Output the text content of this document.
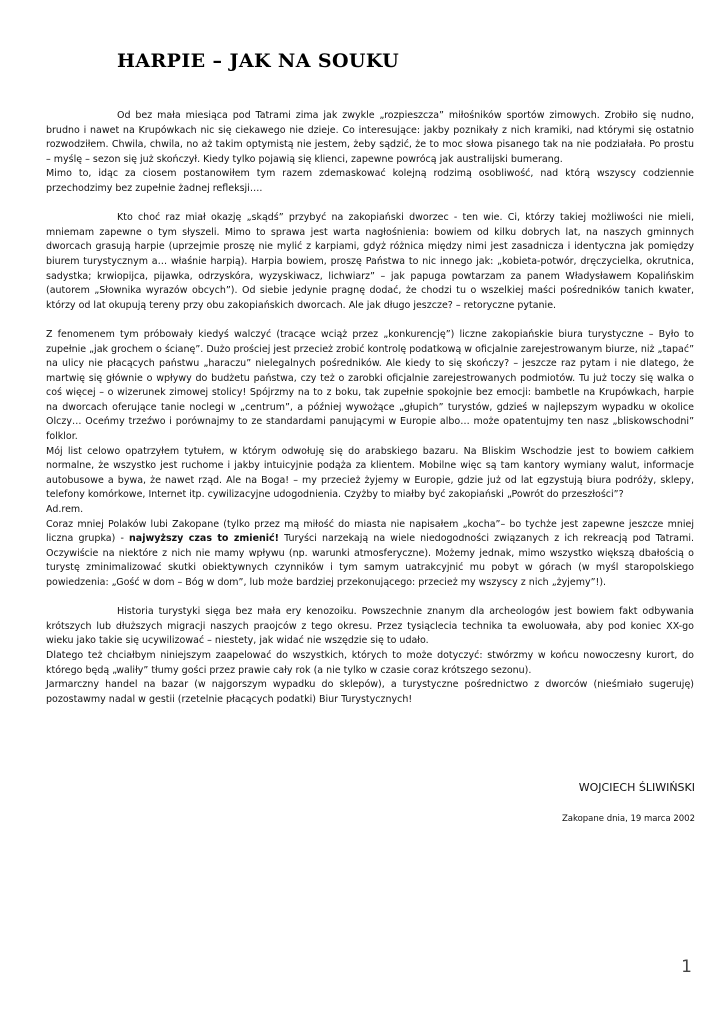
HARPIE – JAK NA SOUKU

Od bez mała miesiąca pod Tatrami zima jak zwykle „rozpieszcza” miłośników sportów zimowych. Zrobiło się nudno, brudno i nawet na Krupówkach nic się ciekawego nie dzieje. Co interesujące: jakby poznikały z nich kramiki, nad którymi się ostatnio rozwodziłem. Chwila, chwila, no aż takim optymistą nie jestem, żeby sądzić, że to moc słowa pisanego tak na nie podziałała. Po prostu – myślę – sezon się już skończył. Kiedy tylko pojawią się klienci, zapewne powrócą jak australijski bumerang.

Mimo to, idąc za ciosem postanowiłem tym razem zdemaskować kolejną rodzimą osobliwość, nad którą wszyscy codziennie przechodzimy bez zupełnie żadnej refleksji….

Kto choć raz miał okazję „skądś” przybyć na zakopiański dworzec - ten wie. Ci, którzy takiej możliwości nie mieli, mniemam zapewne o tym słyszeli. Mimo to sprawa jest warta nagłośnienia: bowiem od kilku dobrych lat, na naszych gminnych dworcach grasują harpie (uprzejmie proszę nie mylić z karpiami, gdyż różnica między nimi jest zasadnicza i identyczna jak pomiędzy biurem turystycznym a… właśnie harpią). Harpia bowiem, proszę Państwa to nic innego jak: „kobieta-potwór, dręczycielka, okrutnica, sadystka; krwiopijca, pijawka, odrzyskóra, wyzyskiwacz, lichwiarz” – jak papuga powtarzam za panem Władysławem Kopalińskim (autorem „Słownika wyrazów obcych”). Od siebie jedynie pragnę dodać, że chodzi tu o wszelkiej maści pośredników tanich kwater, którzy od lat okupują tereny przy obu zakopiańskich dworcach. Ale jak długo jeszcze? – retoryczne pytanie.

Z fenomenem tym próbowały kiedyś walczyć (tracące wciąż przez „konkurencję”) liczne zakopiańskie biura turystyczne – Było to zupełnie „jak grochem o ścianę”. Dużo prościej jest przecież zrobić kontrolę podatkową w oficjalnie zarejestrowanym biurze, niż „tapać” na ulicy nie płacących państwu „haraczu” nielegalnych pośredników. Ale kiedy to się skończy? – jeszcze raz pytam i nie dlatego, że martwię się głównie o wpływy do budżetu państwa, czy też o zarobki oficjalnie zarejestrowanych podmiotów. Tu już toczy się walka o coś więcej – o wizerunek zimowej stolicy! Spójrzmy na to z boku, tak zupełnie spokojnie bez emocji: bambetle na Krupówkach, harpie na dworcach oferujące tanie noclegi w „centrum”, a później wywożące „głupich” turystów, gdzieś w najlepszym wypadku w okolice Olczy… Oceńmy trzeźwo i porównajmy to ze standardami panującymi w Europie albo… może opatentujmy ten nasz „bliskowschodni” folklor.

Mój list celowo opatrzyłem tytułem, w którym odwołuję się do arabskiego bazaru. Na Bliskim Wschodzie jest to bowiem całkiem normalne, że wszystko jest ruchome i jakby intuicyjnie podąża za klientem. Mobilne więc są tam kantory wymiany walut, informacje autobusowe a bywa, że nawet rząd. Ale na Boga! – my przecież żyjemy w Europie, gdzie już od lat egzystują biura podróży, sklepy, telefony komórkowe, Internet itp. cywilizacyjne udogodnienia. Czyżby to miałby być zakopiański „Powrót do przeszłości”?

Ad.rem.

Coraz mniej Polaków lubi Zakopane (tylko przez mą miłość do miasta nie napisałem „kocha”– bo tychże jest zapewne jeszcze mniej liczna grupka) - najwyższy czas to zmienić! Turyści narzekają na wiele niedogodności związanych z ich rekreacją pod Tatrami. Oczywiście na niektóre z nich nie mamy wpływu (np. warunki atmosferyczne). Możemy jednak, mimo wszystko większą dbałością o turystę zminimalizować skutki obiektywnych czynników i tym samym uatrakcyjnić mu pobyt w górach (w myśl staropolskiego powiedzenia: „Gość w dom – Bóg w dom”, lub może bardziej przekonującego: przecież my wszyscy z nich „żyjemy”!).

Historia turystyki sięga bez mała ery kenozoiku. Powszechnie znanym dla archeologów jest bowiem fakt odbywania krótszych lub dłuższych migracji naszych praojców z tego okresu. Przez tysiąclecia technika ta ewoluowała, aby pod koniec XX-go wieku jako takie się ucywilizować – niestety, jak widać nie wszędzie się to udało.

Dlatego też chciałbym niniejszym zaapelować do wszystkich, których to może dotyczyć: stwórzmy w końcu nowoczesny kurort, do którego będą „waliły” tłumy gości przez prawie cały rok (a nie tylko w czasie coraz krótszego sezonu).

Jarmarczny handel na bazar (w najgorszym wypadku do sklepów), a turystyczne pośrednictwo z dworców (nieśmiało sugeruję) pozostawmy nadal w gestii (rzetelnie płacących podatki) Biur Turystycznych!

WOJCIECH ŚLIWIŃSKI
Zakopane dnia, 19 marca 2002
1
